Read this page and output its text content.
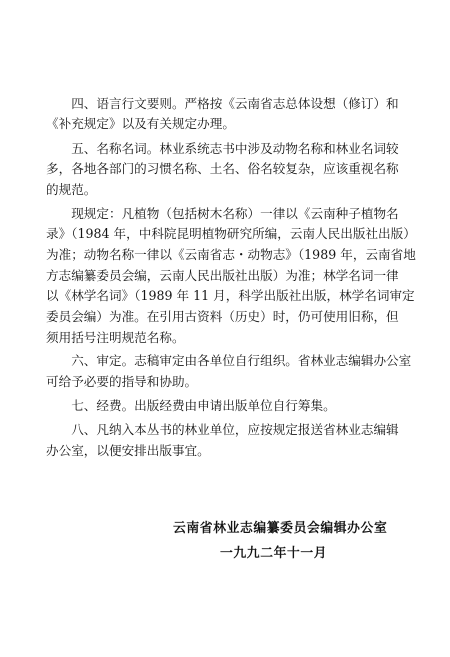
　　四、语言行文要则。严格按《云南省志总体设想（修订）和
《补充规定》以及有关规定办理。
　　五、名称名词。林业系统志书中涉及动物名称和林业名词较
多，各地各部门的习惯名称、土名、俗名较复杂，应该重视名称
的规范。
　　现规定：凡植物（包括树木名称）一律以《云南种子植物名
录》（1984 年，中科院昆明植物研究所编，云南人民出版社出版）
为准；动物名称一律以《云南省志・动物志》（1989 年，云南省地
方志编纂委员会编，云南人民出版社出版）为准；林学名词一律
以《林学名词》（1989 年 11 月，科学出版社出版，林学名词审定
委员会编）为准。在引用古资料（历史）时，仍可使用旧称，但
须用括号注明规范名称。
　　六、审定。志稿审定由各单位自行组织。省林业志编辑办公室
可给予必要的指导和协助。
　　七、经费。出版经费由申请出版单位自行筹集。
　　八、凡纳入本丛书的林业单位，应按规定报送省林业志编辑
办公室，以便安排出版事宜。
云南省林业志编纂委员会编辑办公室
一九九二年十一月
